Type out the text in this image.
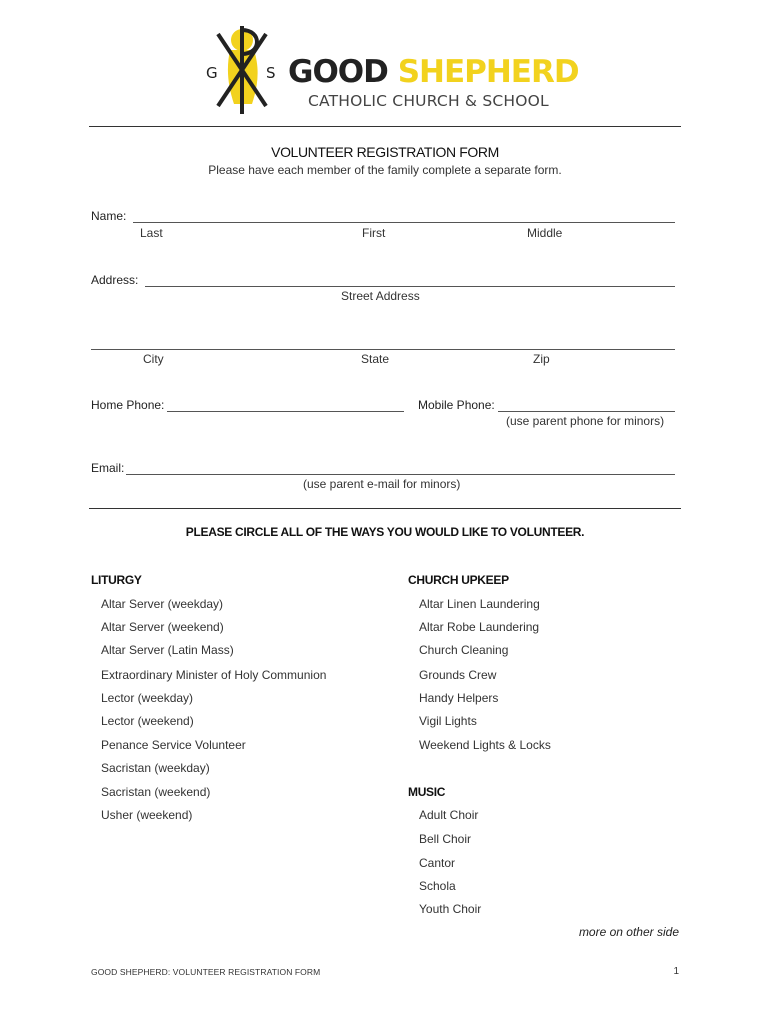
G	S GOOD SHEPHERD
CATHOLIC CHURCH & SCHOOL
VOLUNTEER REGISTRATION FORM
Please have each member of the family complete a separate form.
Name:
Last	First	Middle
Address:
Street Address
City	State	Zip
Home Phone:	Mobile Phone:
(use parent phone for minors)
Email:
(use parent e-mail for minors)
PLEASE CIRCLE ALL OF THE WAYS YOU WOULD LIKE TO VOLUNTEER.
LITURGY
Altar Server (weekday)
Altar Server (weekend)
Altar Server (Latin Mass)
Extraordinary Minister of Holy Communion
Lector (weekday)
Lector (weekend)
Penance Service Volunteer
Sacristan (weekday)
Sacristan (weekend)
Usher (weekend)
CHURCH UPKEEP
Altar Linen Laundering
Altar Robe Laundering
Church Cleaning
Grounds Crew
Handy Helpers
Vigil Lights
Weekend Lights & Locks
MUSIC
Adult Choir
Bell Choir
Cantor
Schola
Youth Choir
more on other side
GOOD SHEPHERD: VOLUNTEER REGISTRATION FORM	1
